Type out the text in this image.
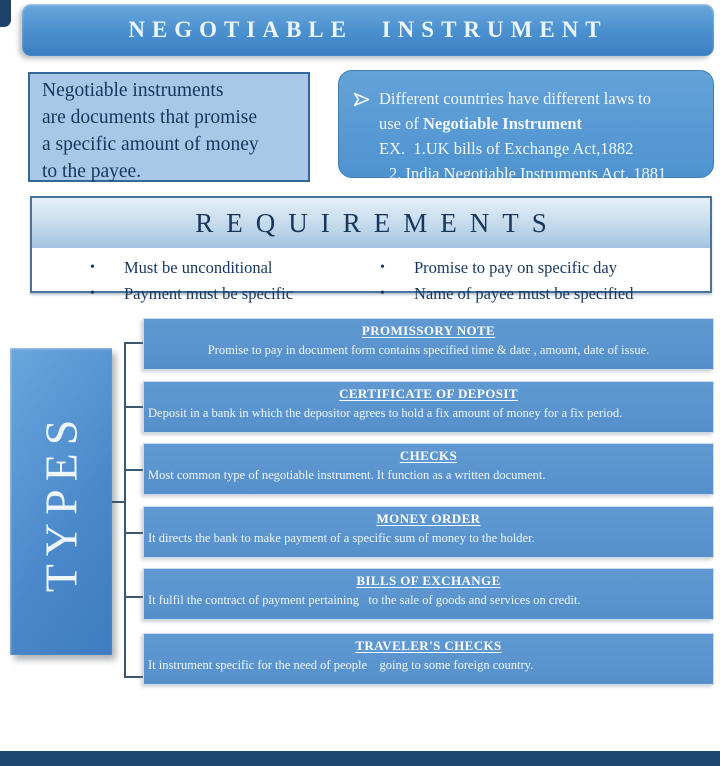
NEGOTIABLE INSTRUMENT
Negotiable instruments
are documents that promise
a specific amount of money
to the payee.
Different countries have different laws to
use of Negotiable Instrument
EX.  1.UK bills of Exchange Act,1882
2. India Negotiable Instruments Act, 1881
REQUIREMENTS
•	Must be unconditional
•	Payment must be specific
•	Promise to pay on specific day
•	Name of payee must be specified
TYPES
PROMISSORY NOTE
Promise to pay in document form contains specified time & date , amount, date of issue.
CERTIFICATE OF DEPOSIT
Deposit in a bank in which the depositor agrees to hold a fix amount of money for a fix period.
CHECKS
Most common type of negotiable instrument. It function as a written document.
MONEY ORDER
It directs the bank to make payment of a specific sum of money to the holder.
BILLS OF EXCHANGE
It fulfil the contract of payment pertaining   to the sale of goods and services on credit.
TRAVELER'S CHECKS
It instrument specific for the need of people    going to some foreign country.
